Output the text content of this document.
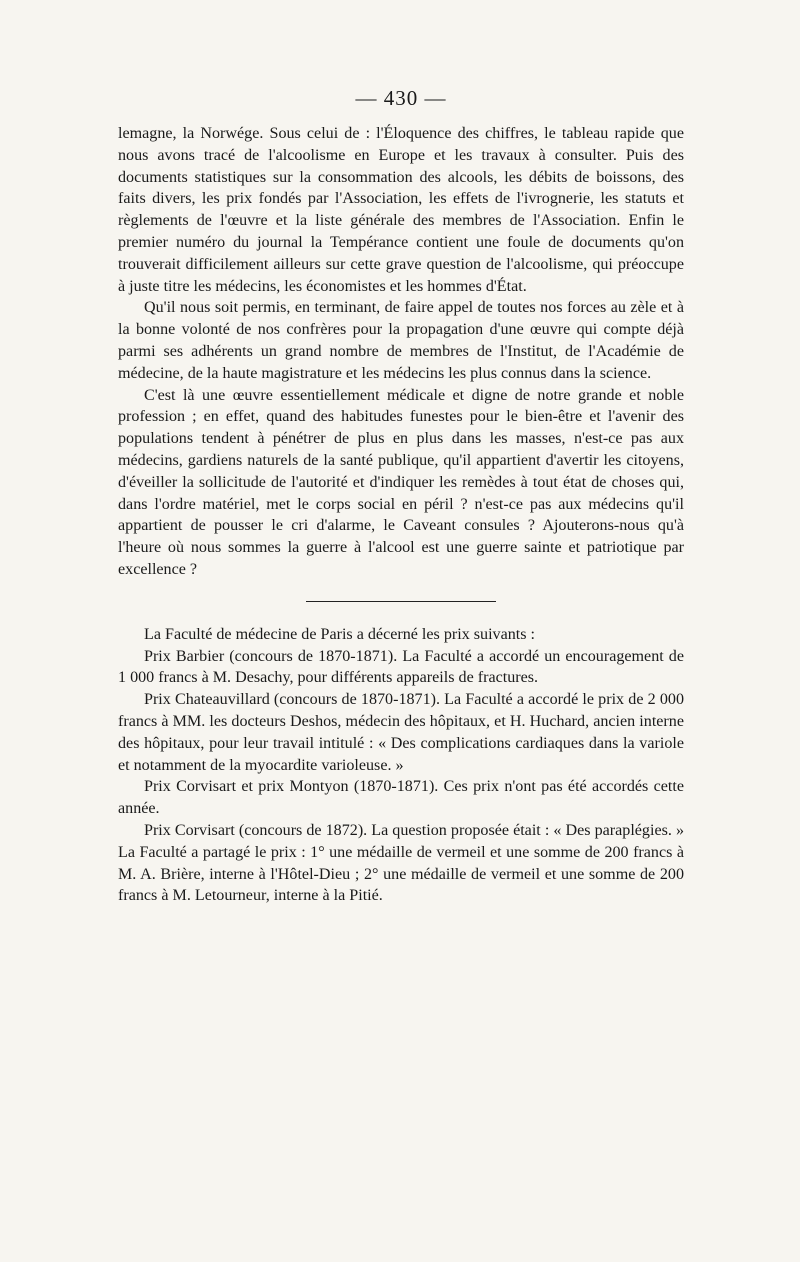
— 430 —

lemagne, la Norwége. Sous celui de : l'Éloquence des chiffres, le tableau rapide que nous avons tracé de l'alcoolisme en Europe et les travaux à consulter. Puis des documents statistiques sur la consommation des alcools, les débits de boissons, des faits divers, les prix fondés par l'Association, les effets de l'ivrognerie, les statuts et règlements de l'œuvre et la liste générale des membres de l'Association. Enfin le premier numéro du journal la Tempérance contient une foule de documents qu'on trouverait difficilement ailleurs sur cette grave question de l'alcoolisme, qui préoccupe à juste titre les médecins, les économistes et les hommes d'État.

Qu'il nous soit permis, en terminant, de faire appel de toutes nos forces au zèle et à la bonne volonté de nos confrères pour la propagation d'une œuvre qui compte déjà parmi ses adhérents un grand nombre de membres de l'Institut, de l'Académie de médecine, de la haute magistrature et les médecins les plus connus dans la science.

C'est là une œuvre essentiellement médicale et digne de notre grande et noble profession ; en effet, quand des habitudes funestes pour le bien-être et l'avenir des populations tendent à pénétrer de plus en plus dans les masses, n'est-ce pas aux médecins, gardiens naturels de la santé publique, qu'il appartient d'avertir les citoyens, d'éveiller la sollicitude de l'autorité et d'indiquer les remèdes à tout état de choses qui, dans l'ordre matériel, met le corps social en péril ? n'est-ce pas aux médecins qu'il appartient de pousser le cri d'alarme, le Caveant consules ? Ajouterons-nous qu'à l'heure où nous sommes la guerre à l'alcool est une guerre sainte et patriotique par excellence ?

La Faculté de médecine de Paris a décerné les prix suivants :

Prix Barbier (concours de 1870-1871). La Faculté a accordé un encouragement de 1 000 francs à M. Desachy, pour différents appareils de fractures.

Prix Chateauvillard (concours de 1870-1871). La Faculté a accordé le prix de 2 000 francs à MM. les docteurs Deshos, médecin des hôpitaux, et H. Huchard, ancien interne des hôpitaux, pour leur travail intitulé : « Des complications cardiaques dans la variole et notamment de la myocardite varioleuse. »

Prix Corvisart et prix Montyon (1870-1871). Ces prix n'ont pas été accordés cette année.

Prix Corvisart (concours de 1872). La question proposée était : « Des paraplégies. » La Faculté a partagé le prix : 1° une médaille de vermeil et une somme de 200 francs à M. A. Brière, interne à l'Hôtel-Dieu ; 2° une médaille de vermeil et une somme de 200 francs à M. Letourneur, interne à la Pitié.
